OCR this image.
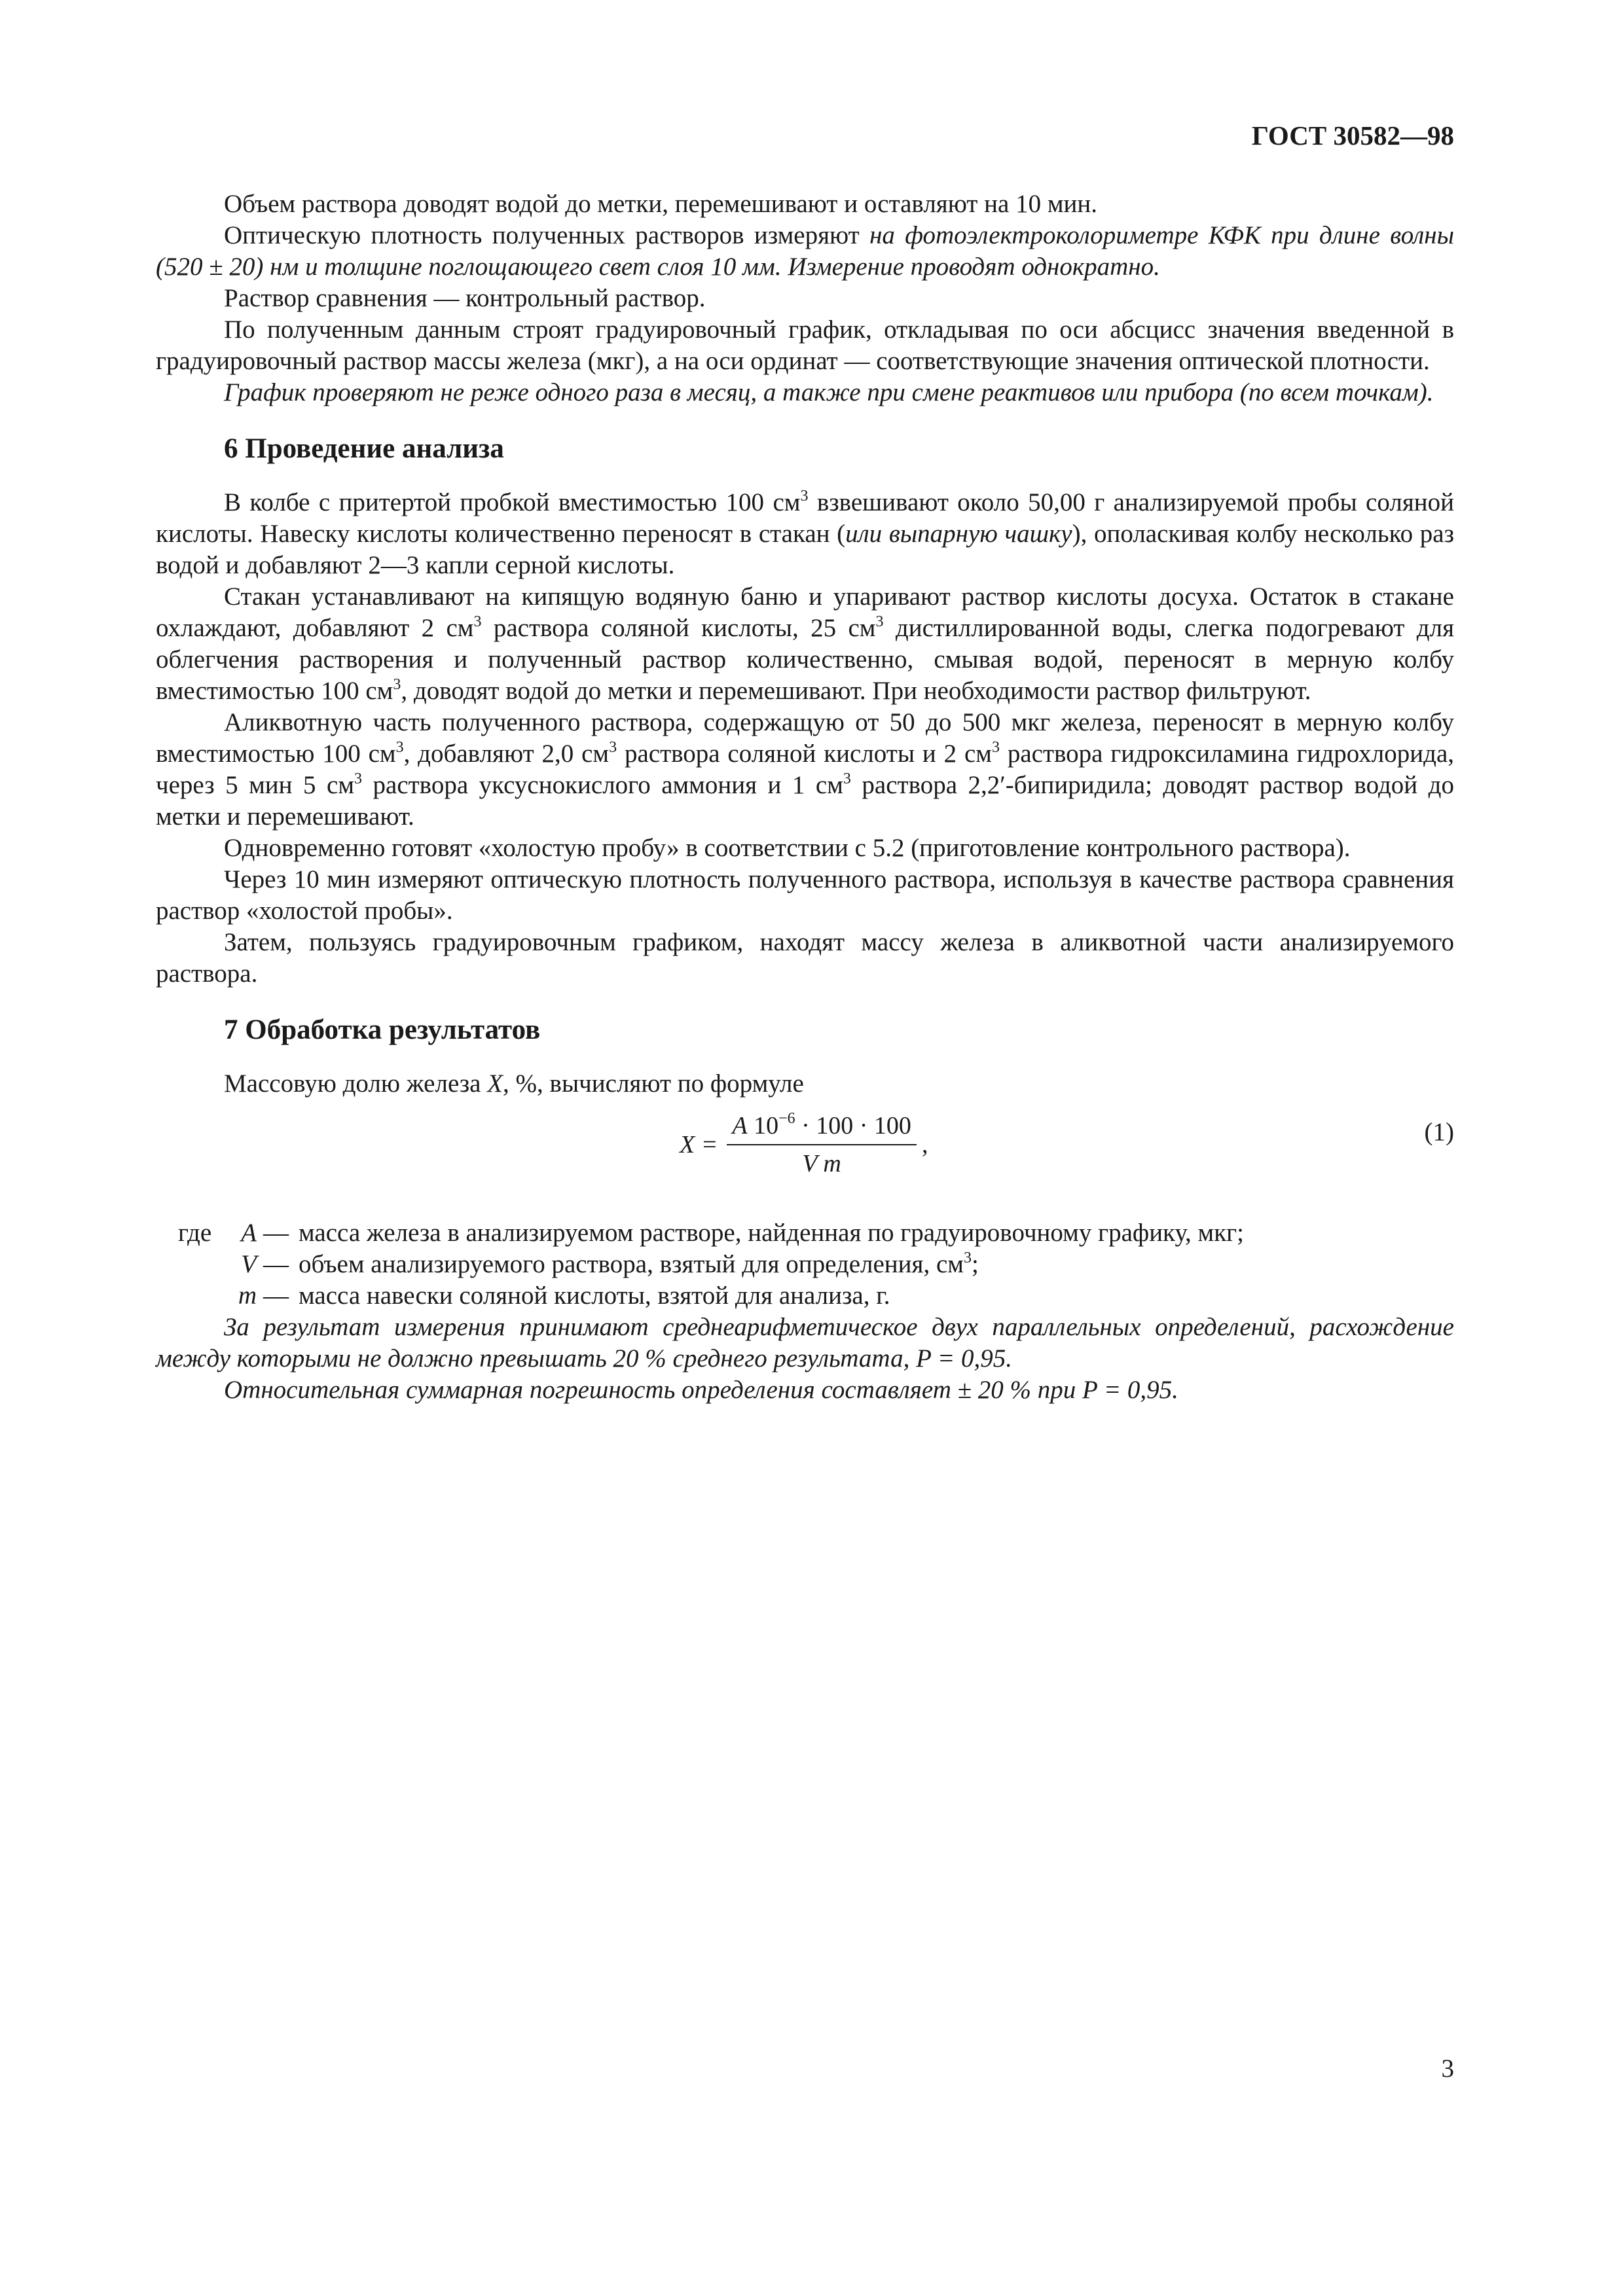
ГОСТ 30582—98

Объем раствора доводят водой до метки, перемешивают и оставляют на 10 мин.

Оптическую плотность полученных растворов измеряют на фотоэлектроколориметре КФК при длине волны (520 ± 20) нм и толщине поглощающего свет слоя 10 мм. Измерение проводят однократно.

Раствор сравнения — контрольный раствор.

По полученным данным строят градуировочный график, откладывая по оси абсцисс значения введенной в градуировочный раствор массы железа (мкг), а на оси ординат — соответствующие значения оптической плотности.

График проверяют не реже одного раза в месяц, а также при смене реактивов или прибора (по всем точкам).

6 Проведение анализа

В колбе с притертой пробкой вместимостью 100 $см^3$ взвешивают около 50,00 г анализируемой пробы соляной кислоты. Навеску кислоты количественно переносят в стакан (или выпарную чашку), ополаскивая колбу несколько раз водой и добавляют 2—3 капли серной кислоты.

Стакан устанавливают на кипящую водяную баню и упаривают раствор кислоты досуха. Остаток в стакане охлаждают, добавляют 2 $см^3$ раствора соляной кислоты, 25 $см^3$ дистиллированной воды, слегка подогревают для облегчения растворения и полученный раствор количественно, смывая водой, переносят в мерную колбу вместимостью 100 $см^3$, доводят водой до метки и перемешивают. При необходимости раствор фильтруют.

Аликвотную часть полученного раствора, содержащую от 50 до 500 мкг железа, переносят в мерную колбу вместимостью 100 $см^3$, добавляют 2,0 $см^3$ раствора соляной кислоты и 2 $см^3$ раствора гидроксиламина гидрохлорида, через 5 мин 5 $см^3$ раствора уксуснокислого аммония и 1 $см^3$ раствора 2,2′-бипиридила; доводят раствор водой до метки и перемешивают.

Одновременно готовят «холостую пробу» в соответствии с 5.2 (приготовление контрольного раствора).

Через 10 мин измеряют оптическую плотность полученного раствора, используя в качестве раствора сравнения раствор «холостой пробы».

Затем, пользуясь градуировочным графиком, находят массу железа в аликвотной части анализируемого раствора.

7 Обработка результатов

Массовую долю железа X, %, вычисляют по формуле

$X = \frac{A 10^{-6} \cdot 100 \cdot 100}{\text{V m}}$ ,	(1)
где	A	—	масса железа в анализируемом растворе, найденная по градуировочному графику, мкг;
	V	—	объем анализируемого раствора, взятый для определения, $см^3$;
	m	—	масса навески соляной кислоты, взятой для анализа, г.

За результат измерения принимают среднеарифметическое двух параллельных определений, расхождение между которыми не должно превышать 20 % среднего результата, P = 0,95.

Относительная суммарная погрешность определения составляет ± 20 % при P = 0,95.

3
